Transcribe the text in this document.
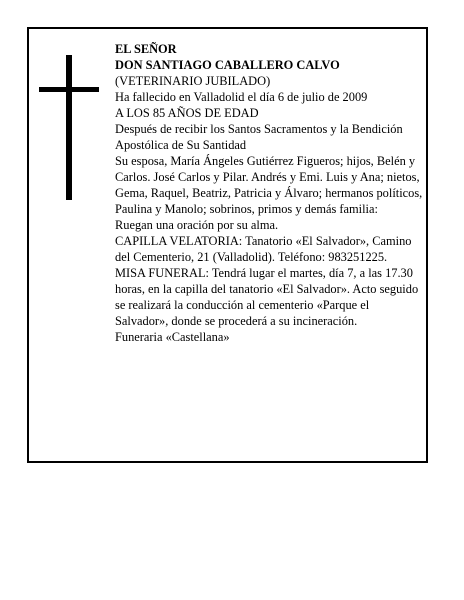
EL SEÑOR

DON SANTIAGO CABALLERO CALVO

(VETERINARIO JUBILADO)

Ha fallecido en Valladolid el día 6 de julio de 2009

A LOS 85 AÑOS DE EDAD

Después de recibir los Santos Sacramentos y la Bendición Apostólica de Su Santidad

Su esposa, María Ángeles Gutiérrez Figueros; hijos, Belén y Carlos. José Carlos y Pilar. Andrés y Emi. Luis y Ana; nietos, Gema, Raquel, Beatriz, Patricia y Álvaro; hermanos políticos, Paulina y Manolo; sobrinos, primos y demás familia:

Ruegan una oración por su alma.

CAPILLA VELATORIA: Tanatorio «El Salvador», Camino del Cementerio, 21 (Valladolid). Teléfono: 983251225.

MISA FUNERAL: Tendrá lugar el martes, día 7, a las 17.30 horas, en la capilla del tanatorio «El Salvador». Acto seguido se realizará la conducción al cementerio «Parque el Salvador», donde se procederá a su incineración.

Funeraria «Castellana»
